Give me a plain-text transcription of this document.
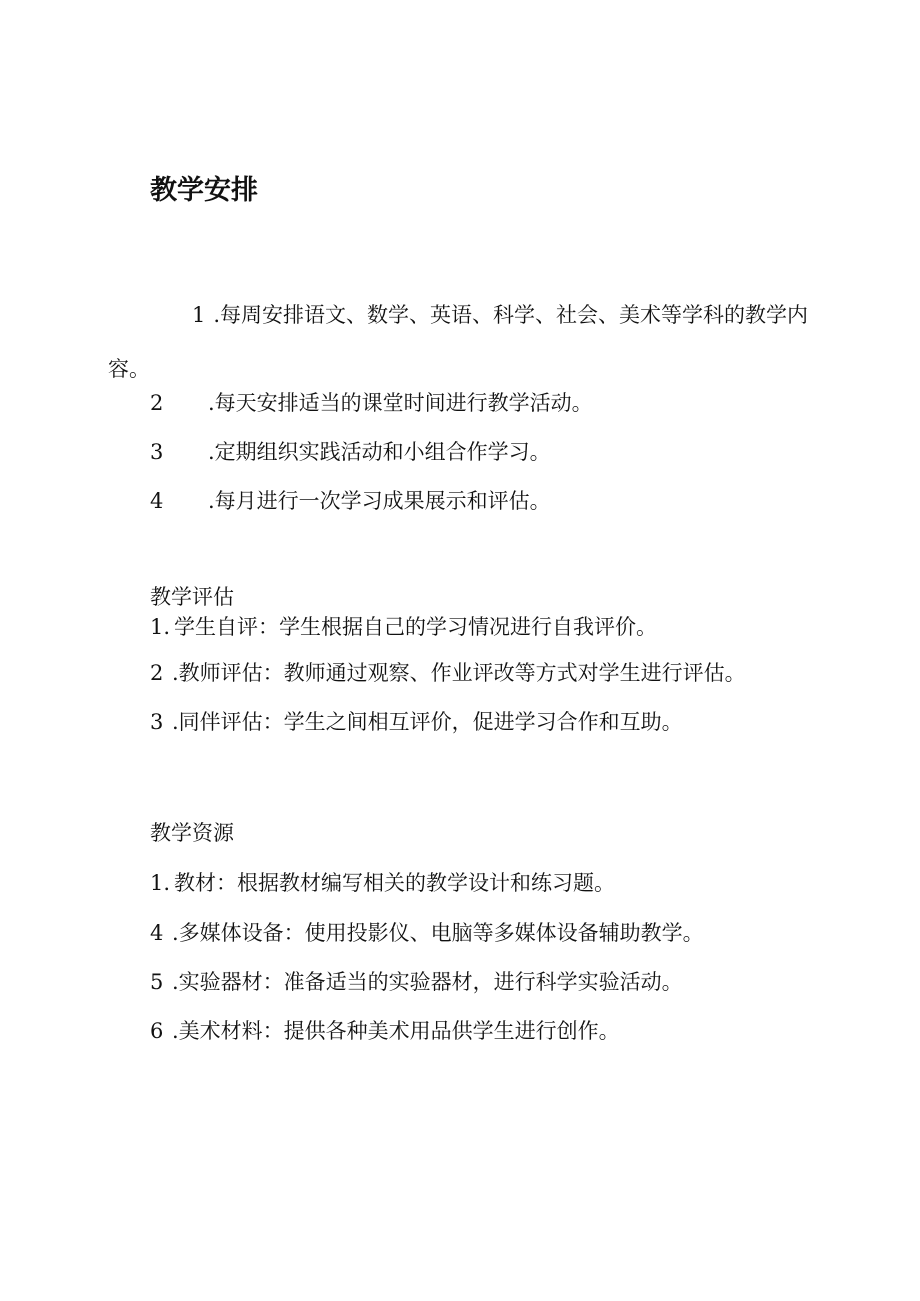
教学安排
1 .每周安排语文、数学、英语、科学、社会、美术等学科的教学内容。
2 .每天安排适当的课堂时间进行教学活动。
3 .定期组织实践活动和小组合作学习。
4 .每月进行一次学习成果展示和评估。
教学评估
1. 学生自评：学生根据自己的学习情况进行自我评价。
2 .教师评估：教师通过观察、作业评改等方式对学生进行评估。
3 .同伴评估：学生之间相互评价，促进学习合作和互助。
教学资源
1. 教材：根据教材编写相关的教学设计和练习题。
4 .多媒体设备：使用投影仪、电脑等多媒体设备辅助教学。
5 .实验器材：准备适当的实验器材，进行科学实验活动。
6 .美术材料：提供各种美术用品供学生进行创作。
